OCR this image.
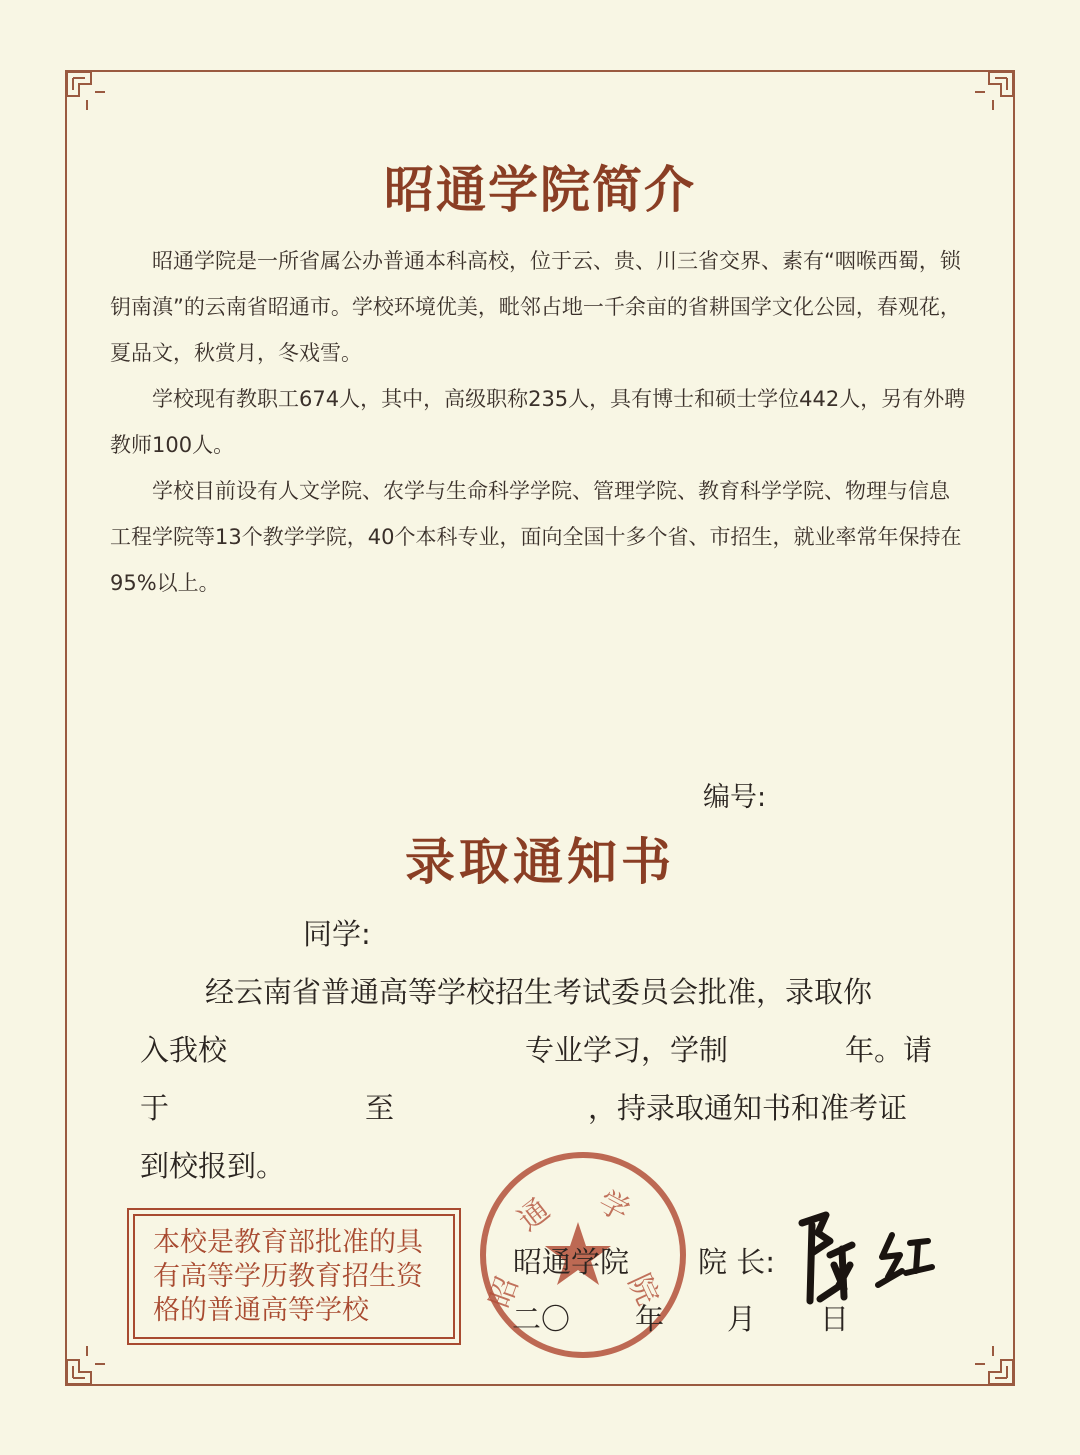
昭通学院简介

昭通学院是一所省属公办普通本科高校，位于云、贵、川三省交界、素有“咽喉西蜀，锁钥南滇”的云南省昭通市。学校环境优美，毗邻占地一千余亩的省耕国学文化公园，春观花，夏品文，秋赏月，冬戏雪。

学校现有教职工674人，其中，高级职称235人，具有博士和硕士学位442人，另有外聘教师100人。

学校目前设有人文学院、农学与生命科学学院、管理学院、教育科学学院、物理与信息工程学院等13个教学学院，40个本科专业，面向全国十多个省、市招生，就业率常年保持在95%以上。

编号:
录取通知书
同学:
经云南省普通高等学校招生考试委员会批准，录取你
入我校	专业学习，学制	年。请
于	至	，持录取通知书和准考证
到校报到。
本校是教育部批准的具
有高等学历教育招生资
格的普通高等学校
通 学
昭	院
昭通学院 院 长:
二〇 年 月 日
